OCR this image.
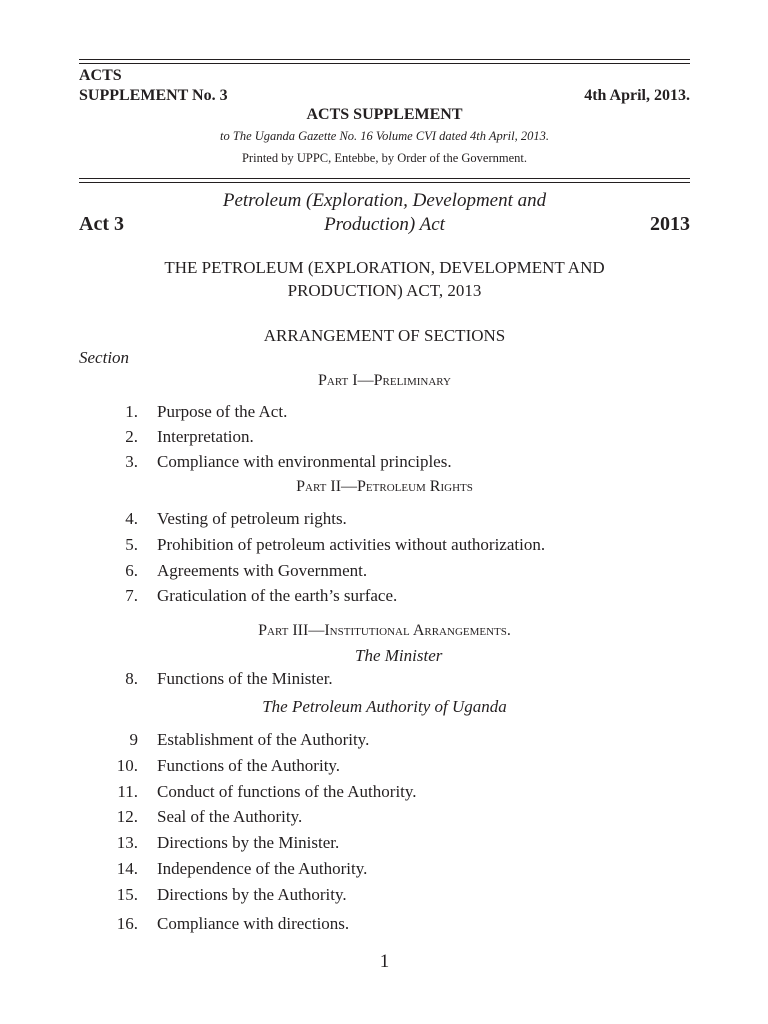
ACTS
SUPPLEMENT No. 3	4th April, 2013.
ACTS SUPPLEMENT
to The Uganda Gazette No. 16 Volume CVI dated 4th April, 2013.
Printed by UPPC, Entebbe, by Order of the Government.
Act 3
Petroleum (Exploration, Development and
Production) Act	2013
THE PETROLEUM (EXPLORATION, DEVELOPMENT AND
PRODUCTION) ACT, 2013
ARRANGEMENT OF SECTIONS
Section
Part I—Preliminary
1. Purpose of the Act.
2. Interpretation.
3. Compliance with environmental principles.
Part II—Petroleum Rights
4. Vesting of petroleum rights.
5. Prohibition of petroleum activities without authorization.
6. Agreements with Government.
7. Graticulation of the earth’s surface.
Part III—Institutional Arrangements.
The Minister
8. Functions of the Minister.
The Petroleum Authority of Uganda
9 Establishment of the Authority.
10. Functions of the Authority.
11. Conduct of functions of the Authority.
12. Seal of the Authority.
13. Directions by the Minister.
14. Independence of the Authority.
15. Directions by the Authority.
16. Compliance with directions.
1
